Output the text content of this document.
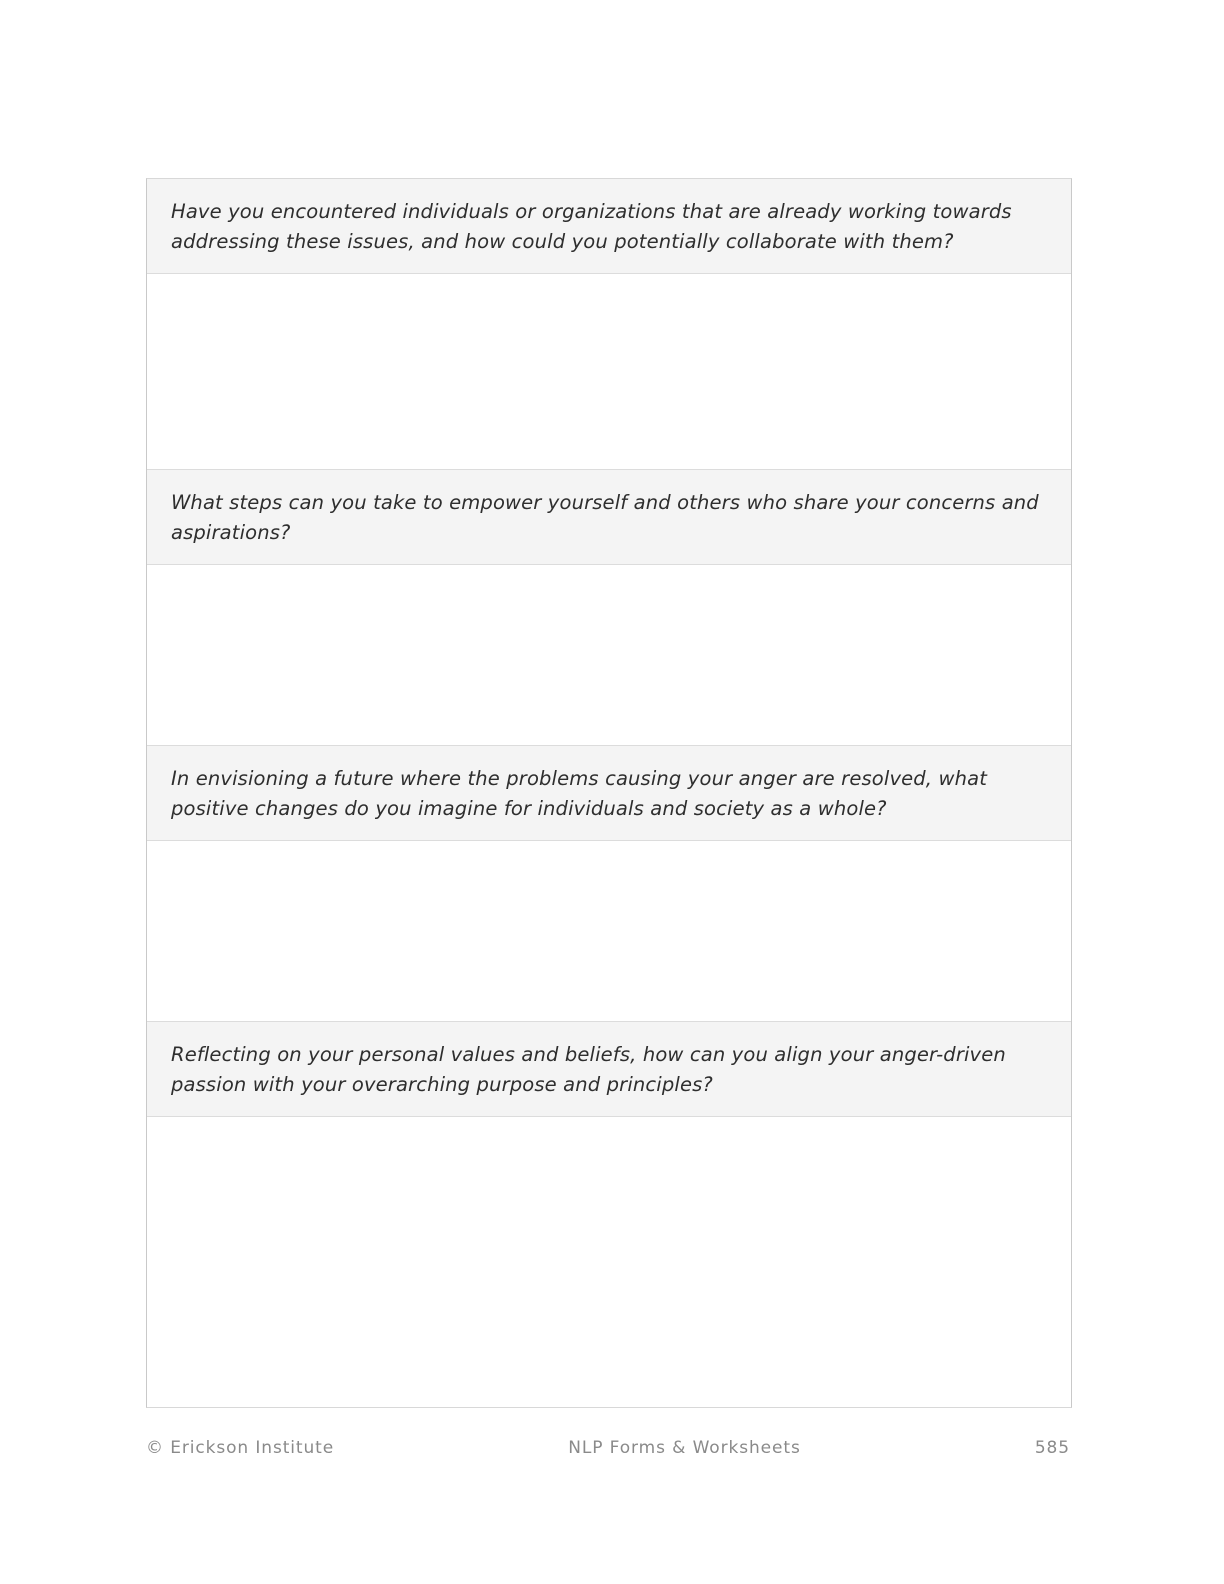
Have you encountered individuals or organizations that are already working towards addressing these issues, and how could you potentially collaborate with them?

What steps can you take to empower yourself and others who share your concerns and aspirations?

In envisioning a future where the problems causing your anger are resolved, what positive changes do you imagine for individuals and society as a whole?

Reflecting on your personal values and beliefs, how can you align your anger-driven passion with your overarching purpose and principles?

© Erickson Institute	NLP Forms & Worksheets	585
